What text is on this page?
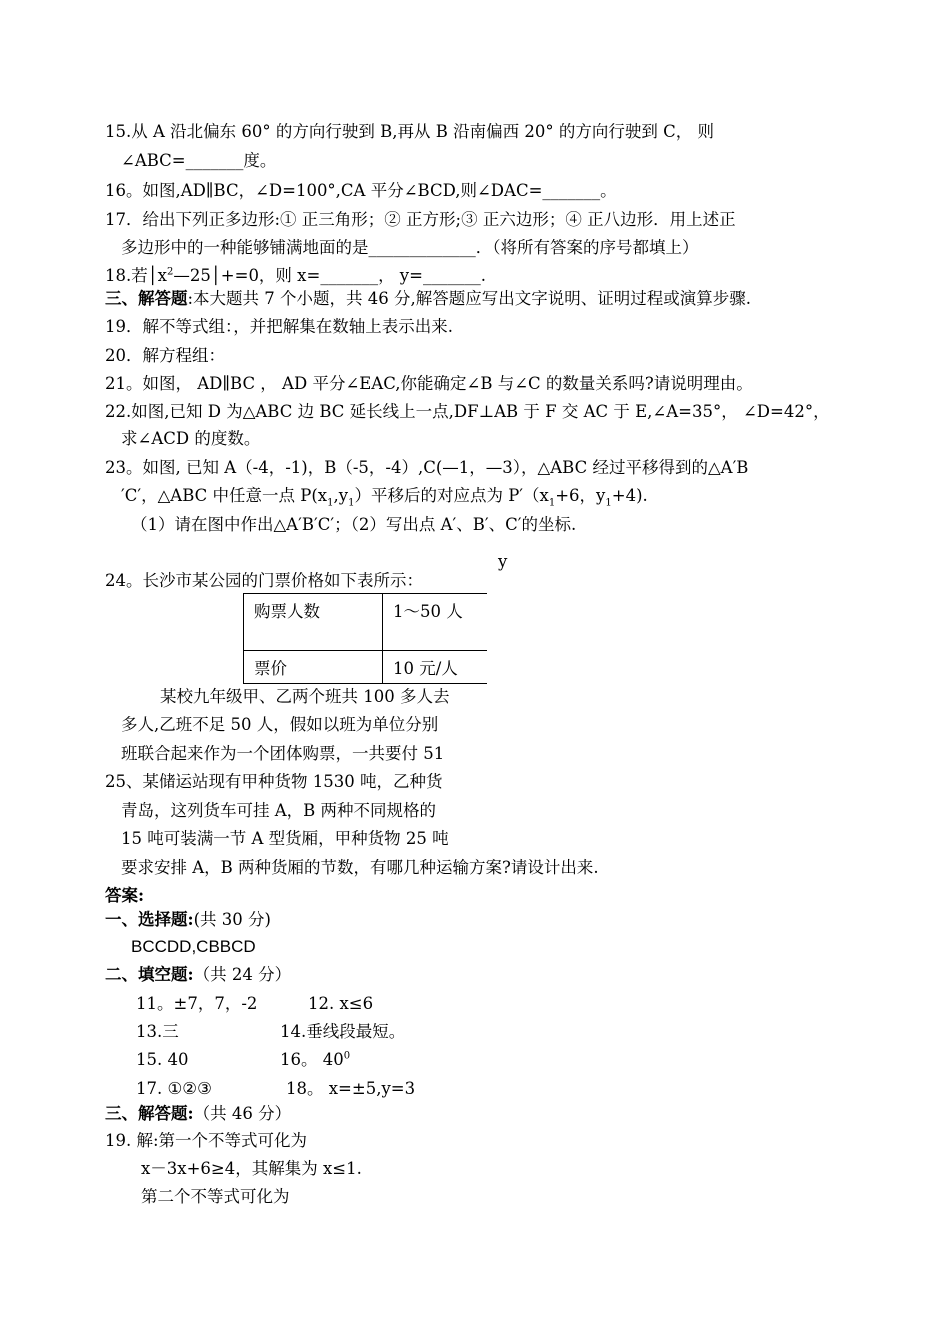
15.从 A 沿北偏东 60° 的方向行驶到 B,再从 B 沿南偏西 20° 的方向行驶到 C， 则
∠ABC=_______度。
16。如图,AD∥BC，∠D=100°,CA 平分∠BCD,则∠DAC=_______。
17．给出下列正多边形:① 正三角形；② 正方形;③ 正六边形；④ 正八边形．用上述正
多边形中的一种能够铺满地面的是_____________．（将所有答案的序号都填上）
18.若$│x^2—25│+=0$，则 x=_______， y=_______.
三、解答题:本大题共 7 个小题，共 46 分,解答题应写出文字说明、证明过程或演算步骤.
19．解不等式组：，并把解集在数轴上表示出来.
20．解方程组：
21。如图， AD∥BC ， AD 平分∠EAC,你能确定∠B 与∠C 的数量关系吗?请说明理由。
22.如图,已知 D 为△ABC 边 BC 延长线上一点,DF⊥AB 于 F 交 AC 于 E,∠A=35°， ∠D=42°，
求∠ACD 的度数。
23。如图, 已知 A（-4，-1)，B（-5，-4）,C(—1，—3），△ABC 经过平移得到的△A′B
′C′，△ABC 中任意一点 $P(x_1,y_1)$平移后的对应点为 $P'(x_1+6$，$y_1+4$).
（1）请在图中作出△A′B′C′；（2）写出点 A′、B′、C′的坐标.
24。长沙市某公园的门票价格如下表所示：
购票人数	1～50 人
票价	10 元/人
某校九年级甲、乙两个班共 100 多人去
多人,乙班不足 50 人，假如以班为单位分别
班联合起来作为一个团体购票，一共要付 51
25、某储运站现有甲种货物 1530 吨，乙种货
青岛，这列货车可挂 A，B 两种不同规格的
15 吨可装满一节 A 型货厢，甲种货物 25 吨
y
要求安排 A，B 两种货厢的节数，有哪几种运输方案?请设计出来.
答案:
一、选择题:(共 30 分)
BCCDD,CBBCD
二、填空题:（共 24 分）
11。±7，7，-2	12. x≤6
13.三	14.垂线段最短。
15. 40	16。 $40^0$
17. ①②③	18。 x=±5,y=3
三、解答题:（共 46 分）
19. 解:第一个不等式可化为
x－3x+6≥4，其解集为 x≤1.
第二个不等式可化为
